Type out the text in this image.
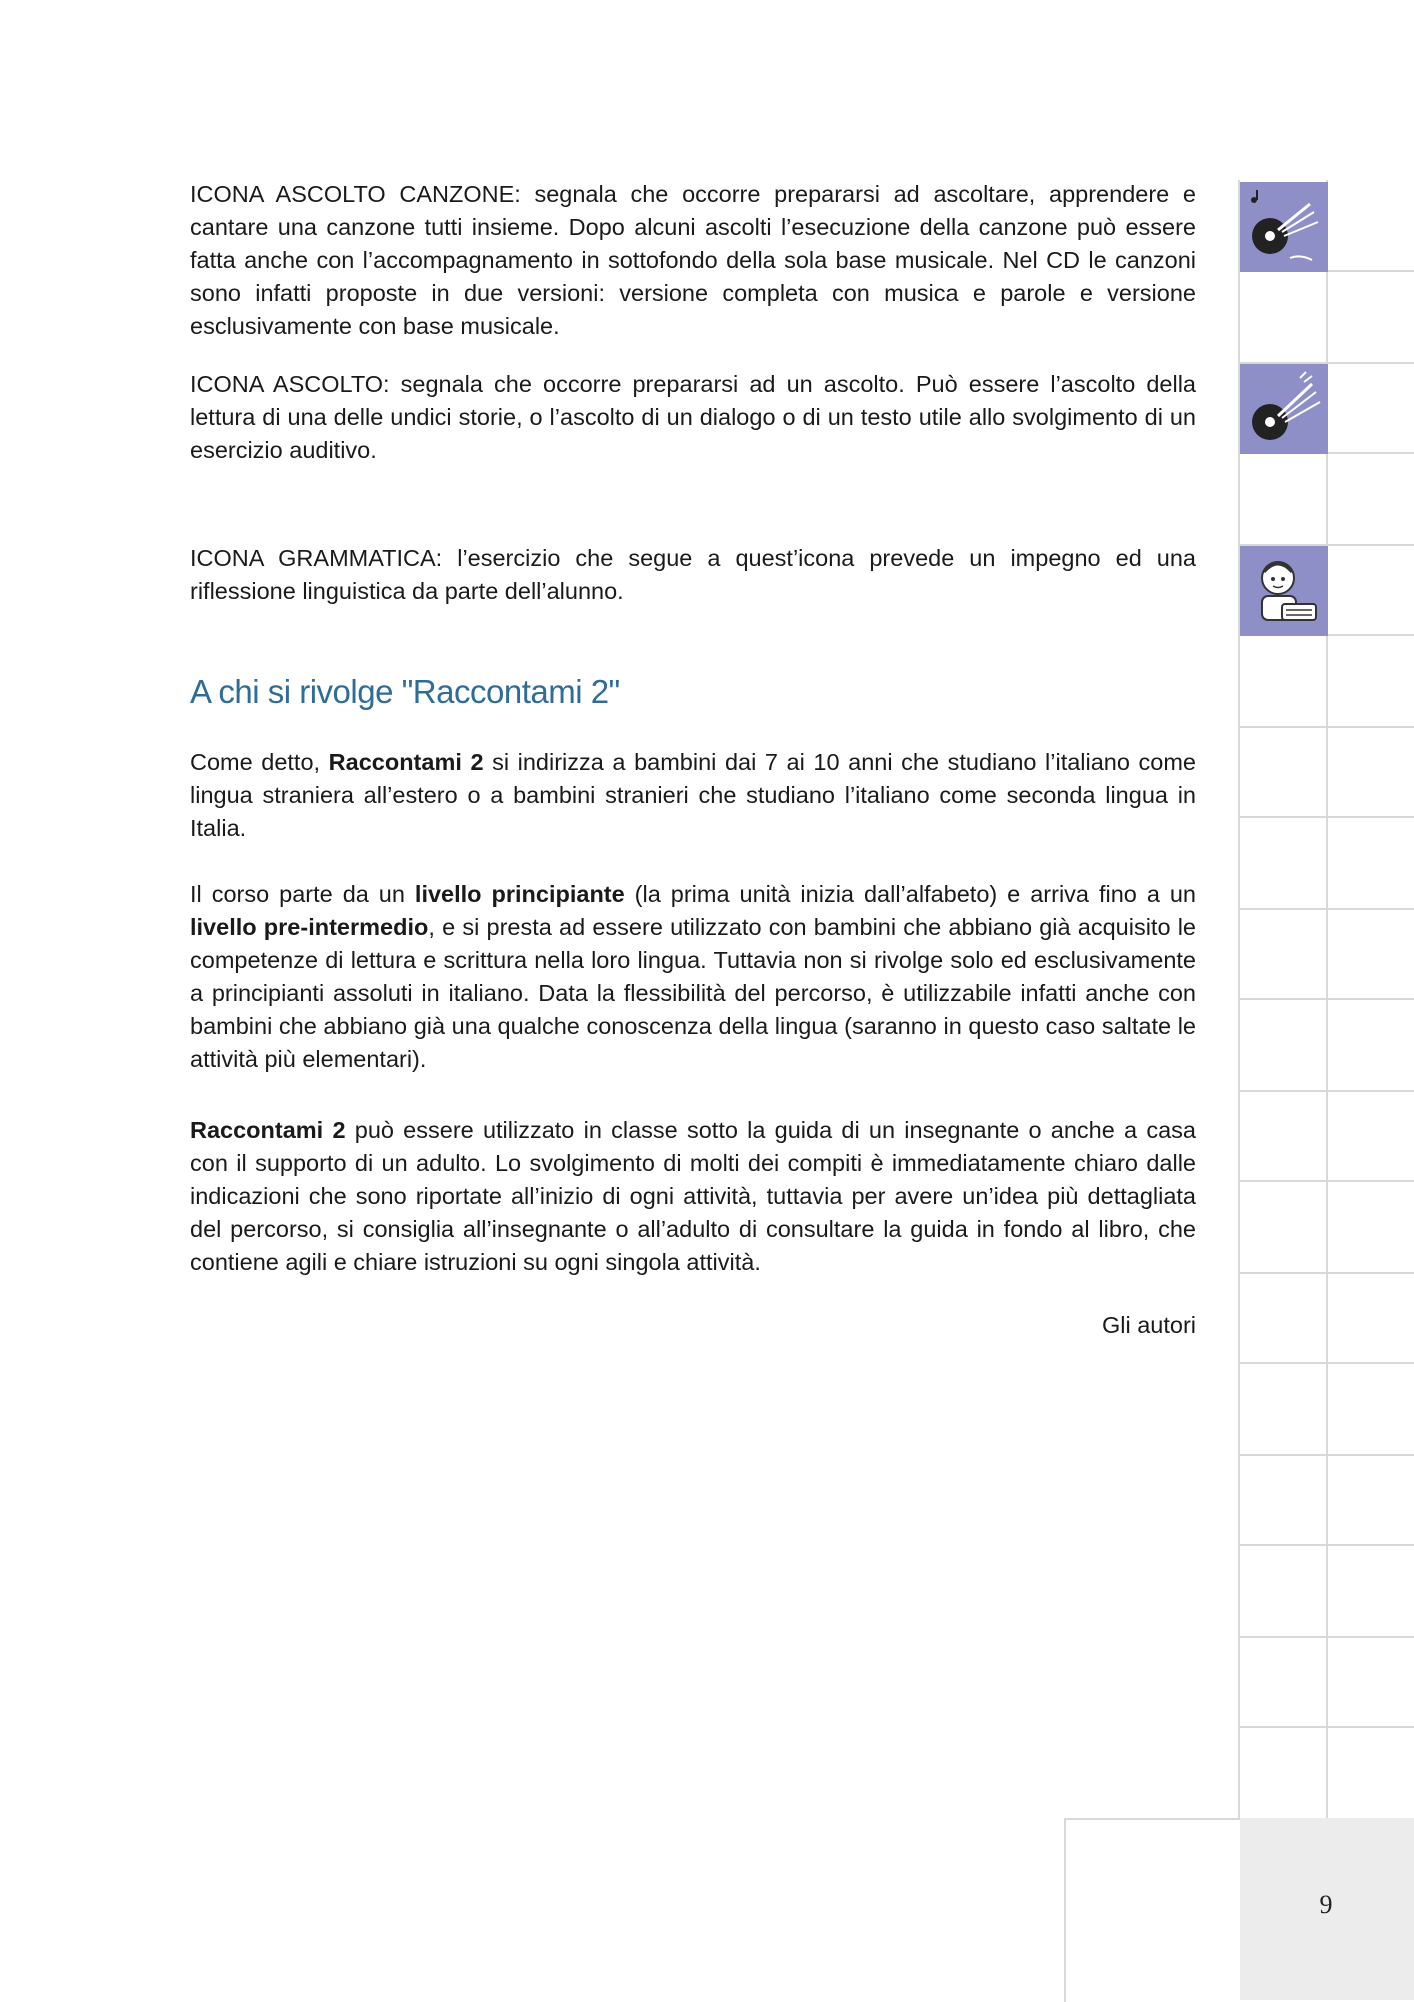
ICONA ASCOLTO CANZONE: segnala che occorre prepararsi ad ascoltare, apprendere e cantare una canzone tutti insieme. Dopo alcuni ascolti l’esecuzione della canzone può essere fatta anche con l’accompagnamento in sottofondo della sola base musicale. Nel CD le canzoni sono infatti proposte in due versioni: versione completa con musica e parole e versione esclusivamente con base musicale.

ICONA ASCOLTO: segnala che occorre prepararsi ad un ascolto. Può essere l’ascolto della lettura di una delle undici storie, o l’ascolto di un dialogo o di un testo utile allo svolgimento di un esercizio auditivo.

ICONA GRAMMATICA: l’esercizio che segue a quest’icona prevede un impegno ed una riflessione linguistica da parte dell’alunno.

A chi si rivolge "Raccontami 2"

Come detto, Raccontami 2 si indirizza a bambini dai 7 ai 10 anni che studiano l’italiano come lingua straniera all’estero o a bambini stranieri che studiano l’italiano come seconda lingua in Italia.

Il corso parte da un livello principiante (la prima unità inizia dall’alfabeto) e arriva fino a un livello pre-intermedio, e si presta ad essere utilizzato con bambini che abbiano già acquisito le competenze di lettura e scrittura nella loro lingua. Tuttavia non si rivolge solo ed esclusivamente a principianti assoluti in italiano. Data la flessibilità del percorso, è utilizzabile infatti anche con bambini che abbiano già una qualche conoscenza della lingua (saranno in questo caso saltate le attività più elementari).

Raccontami 2 può essere utilizzato in classe sotto la guida di un insegnante o anche a casa con il supporto di un adulto. Lo svolgimento di molti dei compiti è immediatamente chiaro dalle indicazioni che sono riportate all’inizio di ogni attività, tuttavia per avere un’idea più dettagliata del percorso, si consiglia all’insegnante o all’adulto di consultare la guida in fondo al libro, che contiene agili e chiare istruzioni su ogni singola attività.

Gli autori
9
